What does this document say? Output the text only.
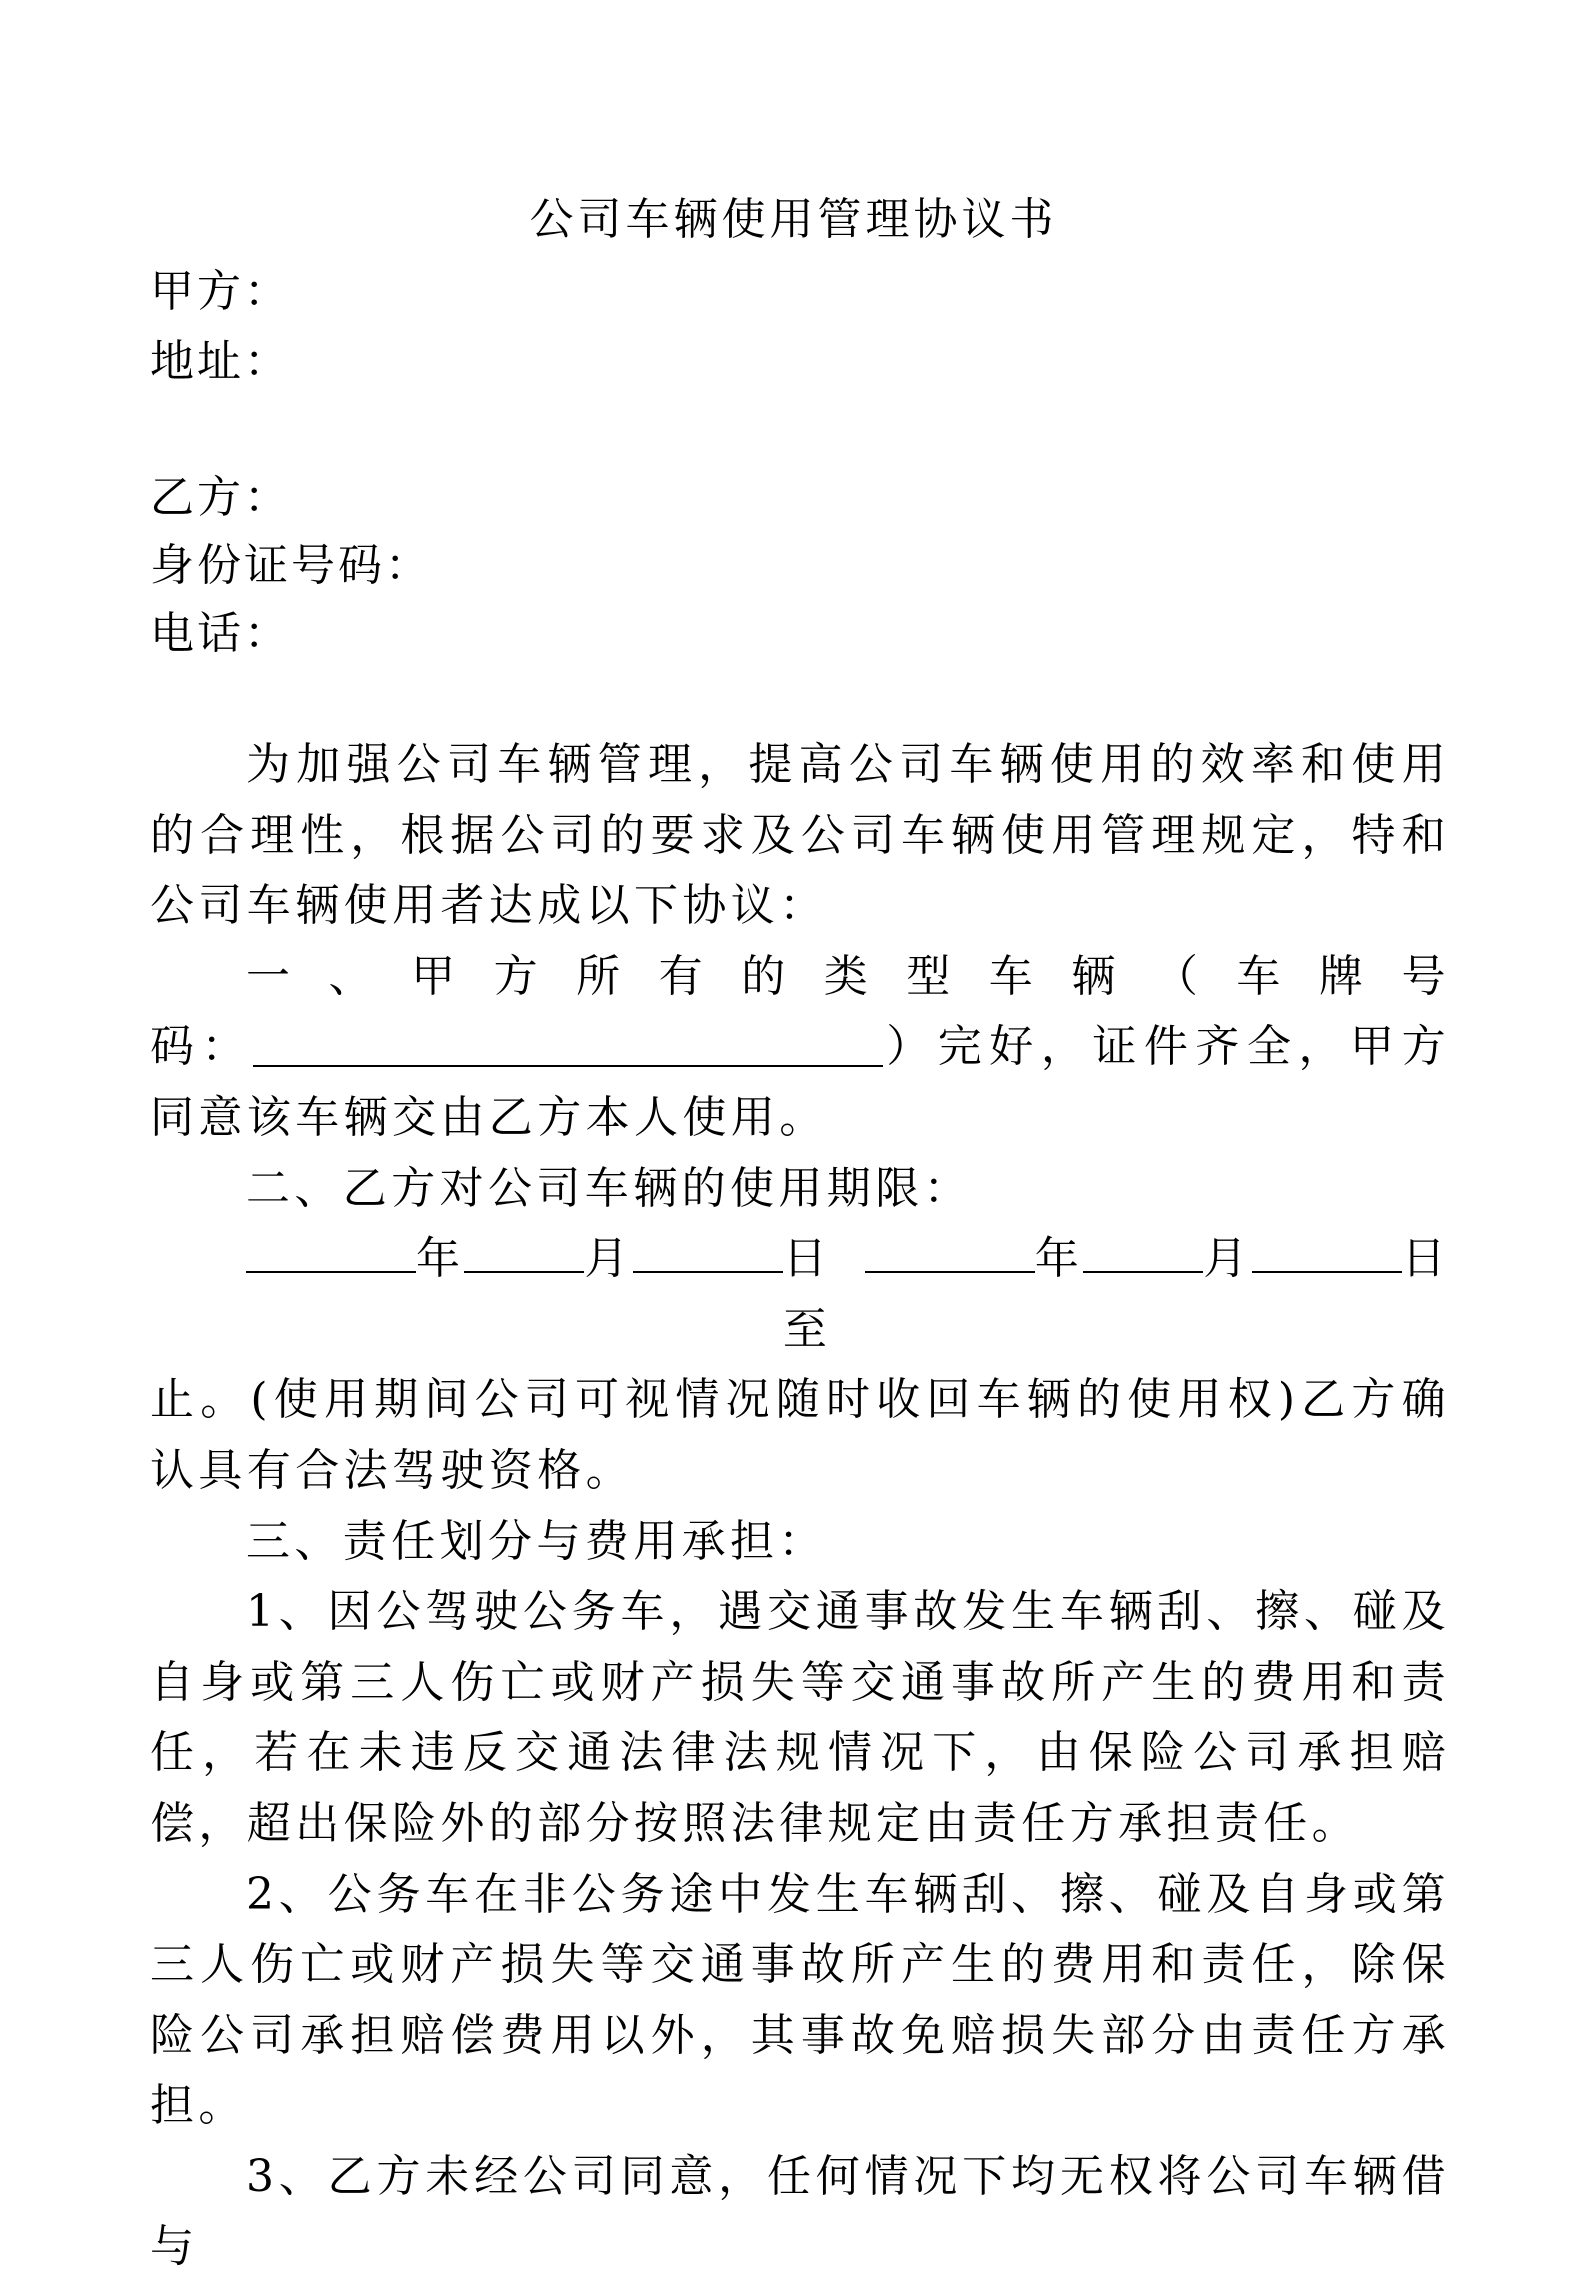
公司车辆使用管理协议书
甲方：
地址：
乙方：
身份证号码：
电话：

为加强公司车辆管理，提高公司车辆使用的效率和使用的合理性，根据公司的要求及公司车辆使用管理规定，特和公司车辆使用者达成以下协议：

一 、 甲 方 所 有 的 类 型 车 辆 （ 车 牌 号

码：	）完好，证件齐全，甲方同意该车辆交由乙方本人使用。

二、乙方对公司车辆的使用期限：

年	月	日至
年	月	日

止。(使用期间公司可视情况随时收回车辆的使用权)乙方确认具有合法驾驶资格。

三、责任划分与费用承担：

1、因公驾驶公务车，遇交通事故发生车辆刮、擦、碰及自身或第三人伤亡或财产损失等交通事故所产生的费用和责任，若在未违反交通法律法规情况下，由保险公司承担赔偿，超出保险外的部分按照法律规定由责任方承担责任。

2、公务车在非公务途中发生车辆刮、擦、碰及自身或第三人伤亡或财产损失等交通事故所产生的费用和责任，除保险公司承担赔偿费用以外，其事故免赔损失部分由责任方承担。

3、乙方未经公司同意，任何情况下均无权将公司车辆借与
